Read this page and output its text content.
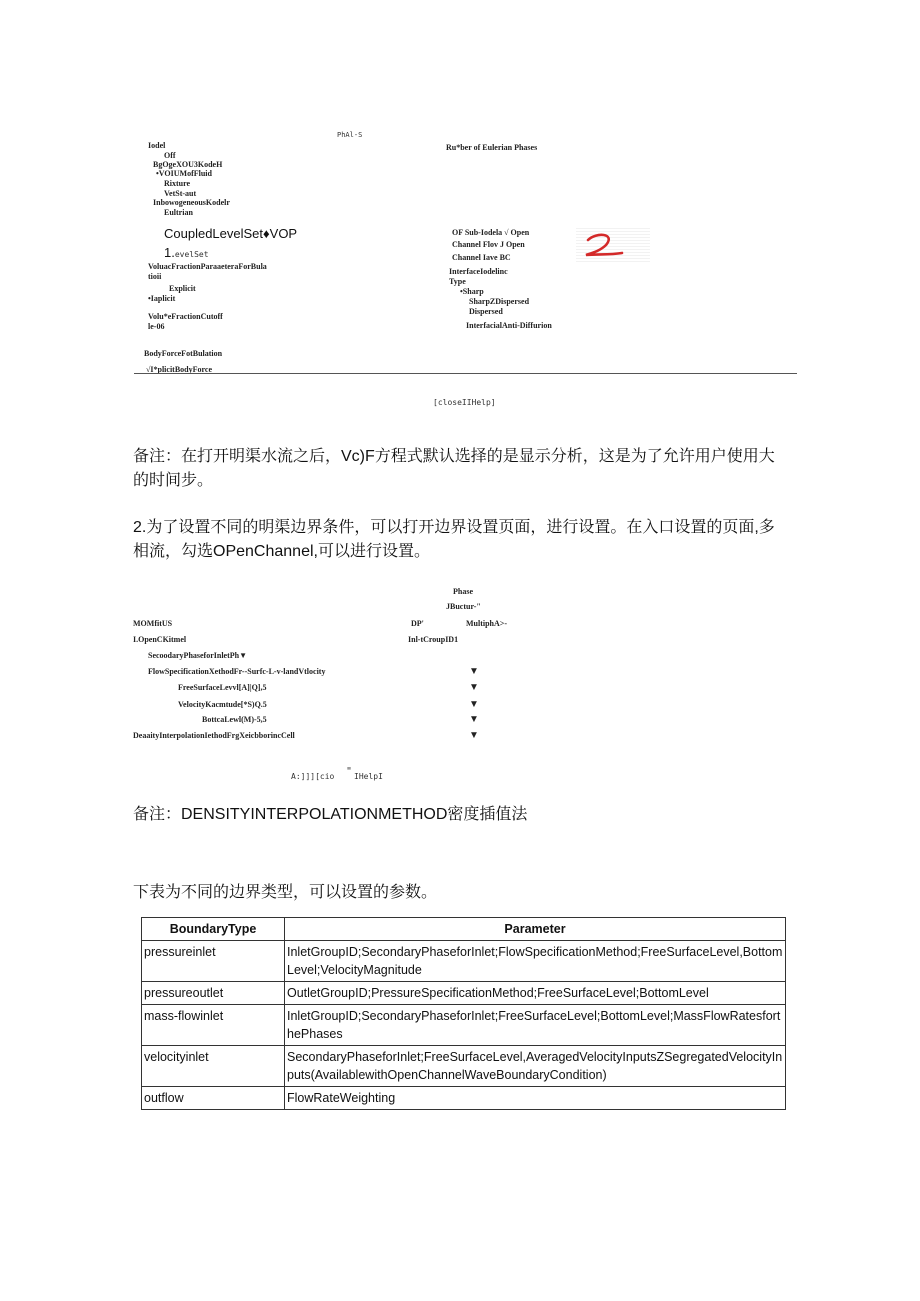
PhAl-S
Iodel
Off
BgOgeXOU3KodeH
•VOIUMofFluid
Rixture
VetSt-aut
InbowogeneousKodelr
Eultrian
CoupledLevelSet♦VOP
1.evelSet
VoluacFractionParaaeteraForBula
tioii
Explicit
•Iaplicit
Volu*eFractionCutoff
le-06
BodyForceFotBulation
√I*plicitBodyForce
Ru*ber of Eulerian Phases
OF Sub-Iodela √ Open
Channel Flov J Open
Channel Iave BC
InterfaceIodelinc
Type
•Sharp
SharpZDispersed
Dispersed
InterfacialAnti-Diffurion
[closeIIHelp]
备注：在打开明渠水流之后，Vc)F方程式默认选择的是显示分析，这是为了允许用户使用大的时间步。
2.为了设置不同的明渠边界条件，可以打开边界设置页面，进行设置。在入口设置的页面,多相流，勾选OPenChannel,可以进行设置。
Phase
JBuctur-"
MOMfitUS	DP'	MultiphA>-
I.OpenCKitmel	Inl-tCroupID1
SecoodaryPhaseforInletPh▼
FlowSpecificationXethodFr--Surfc-L-v-landVtlocity	▼
FreeSurfaceLevvl[A]|Q],5	▼
VelocityKacmtude[*S)Q.5	▼
BottcaLewl(M)-5,5	▼
DeaaityInterpolationIethodFrgXeicbborincCell	▼
A:]]][cio " IHelpI
备注：DENSITYINTERPOLATIONMETHOD密度插值法
下表为不同的边界类型，可以设置的参数。
BoundaryType	Parameter
pressureinlet	InletGroupID;SecondaryPhaseforInlet;FlowSpecificationMethod;FreeSurfaceLevel,BottomLevel;VelocityMagnitude
pressureoutlet	OutletGroupID;PressureSpecificationMethod;FreeSurfaceLevel;BottomLevel
mass-flowinlet	InletGroupID;SecondaryPhaseforInlet;FreeSurfaceLevel;BottomLevel;MassFlowRatesforthePhases
velocityinlet	SecondaryPhaseforInlet;FreeSurfaceLevel,AveragedVelocityInputsZSegregatedVelocityInputs(AvailablewithOpenChannelWaveBoundaryCondition)
outflow	FlowRateWeighting
